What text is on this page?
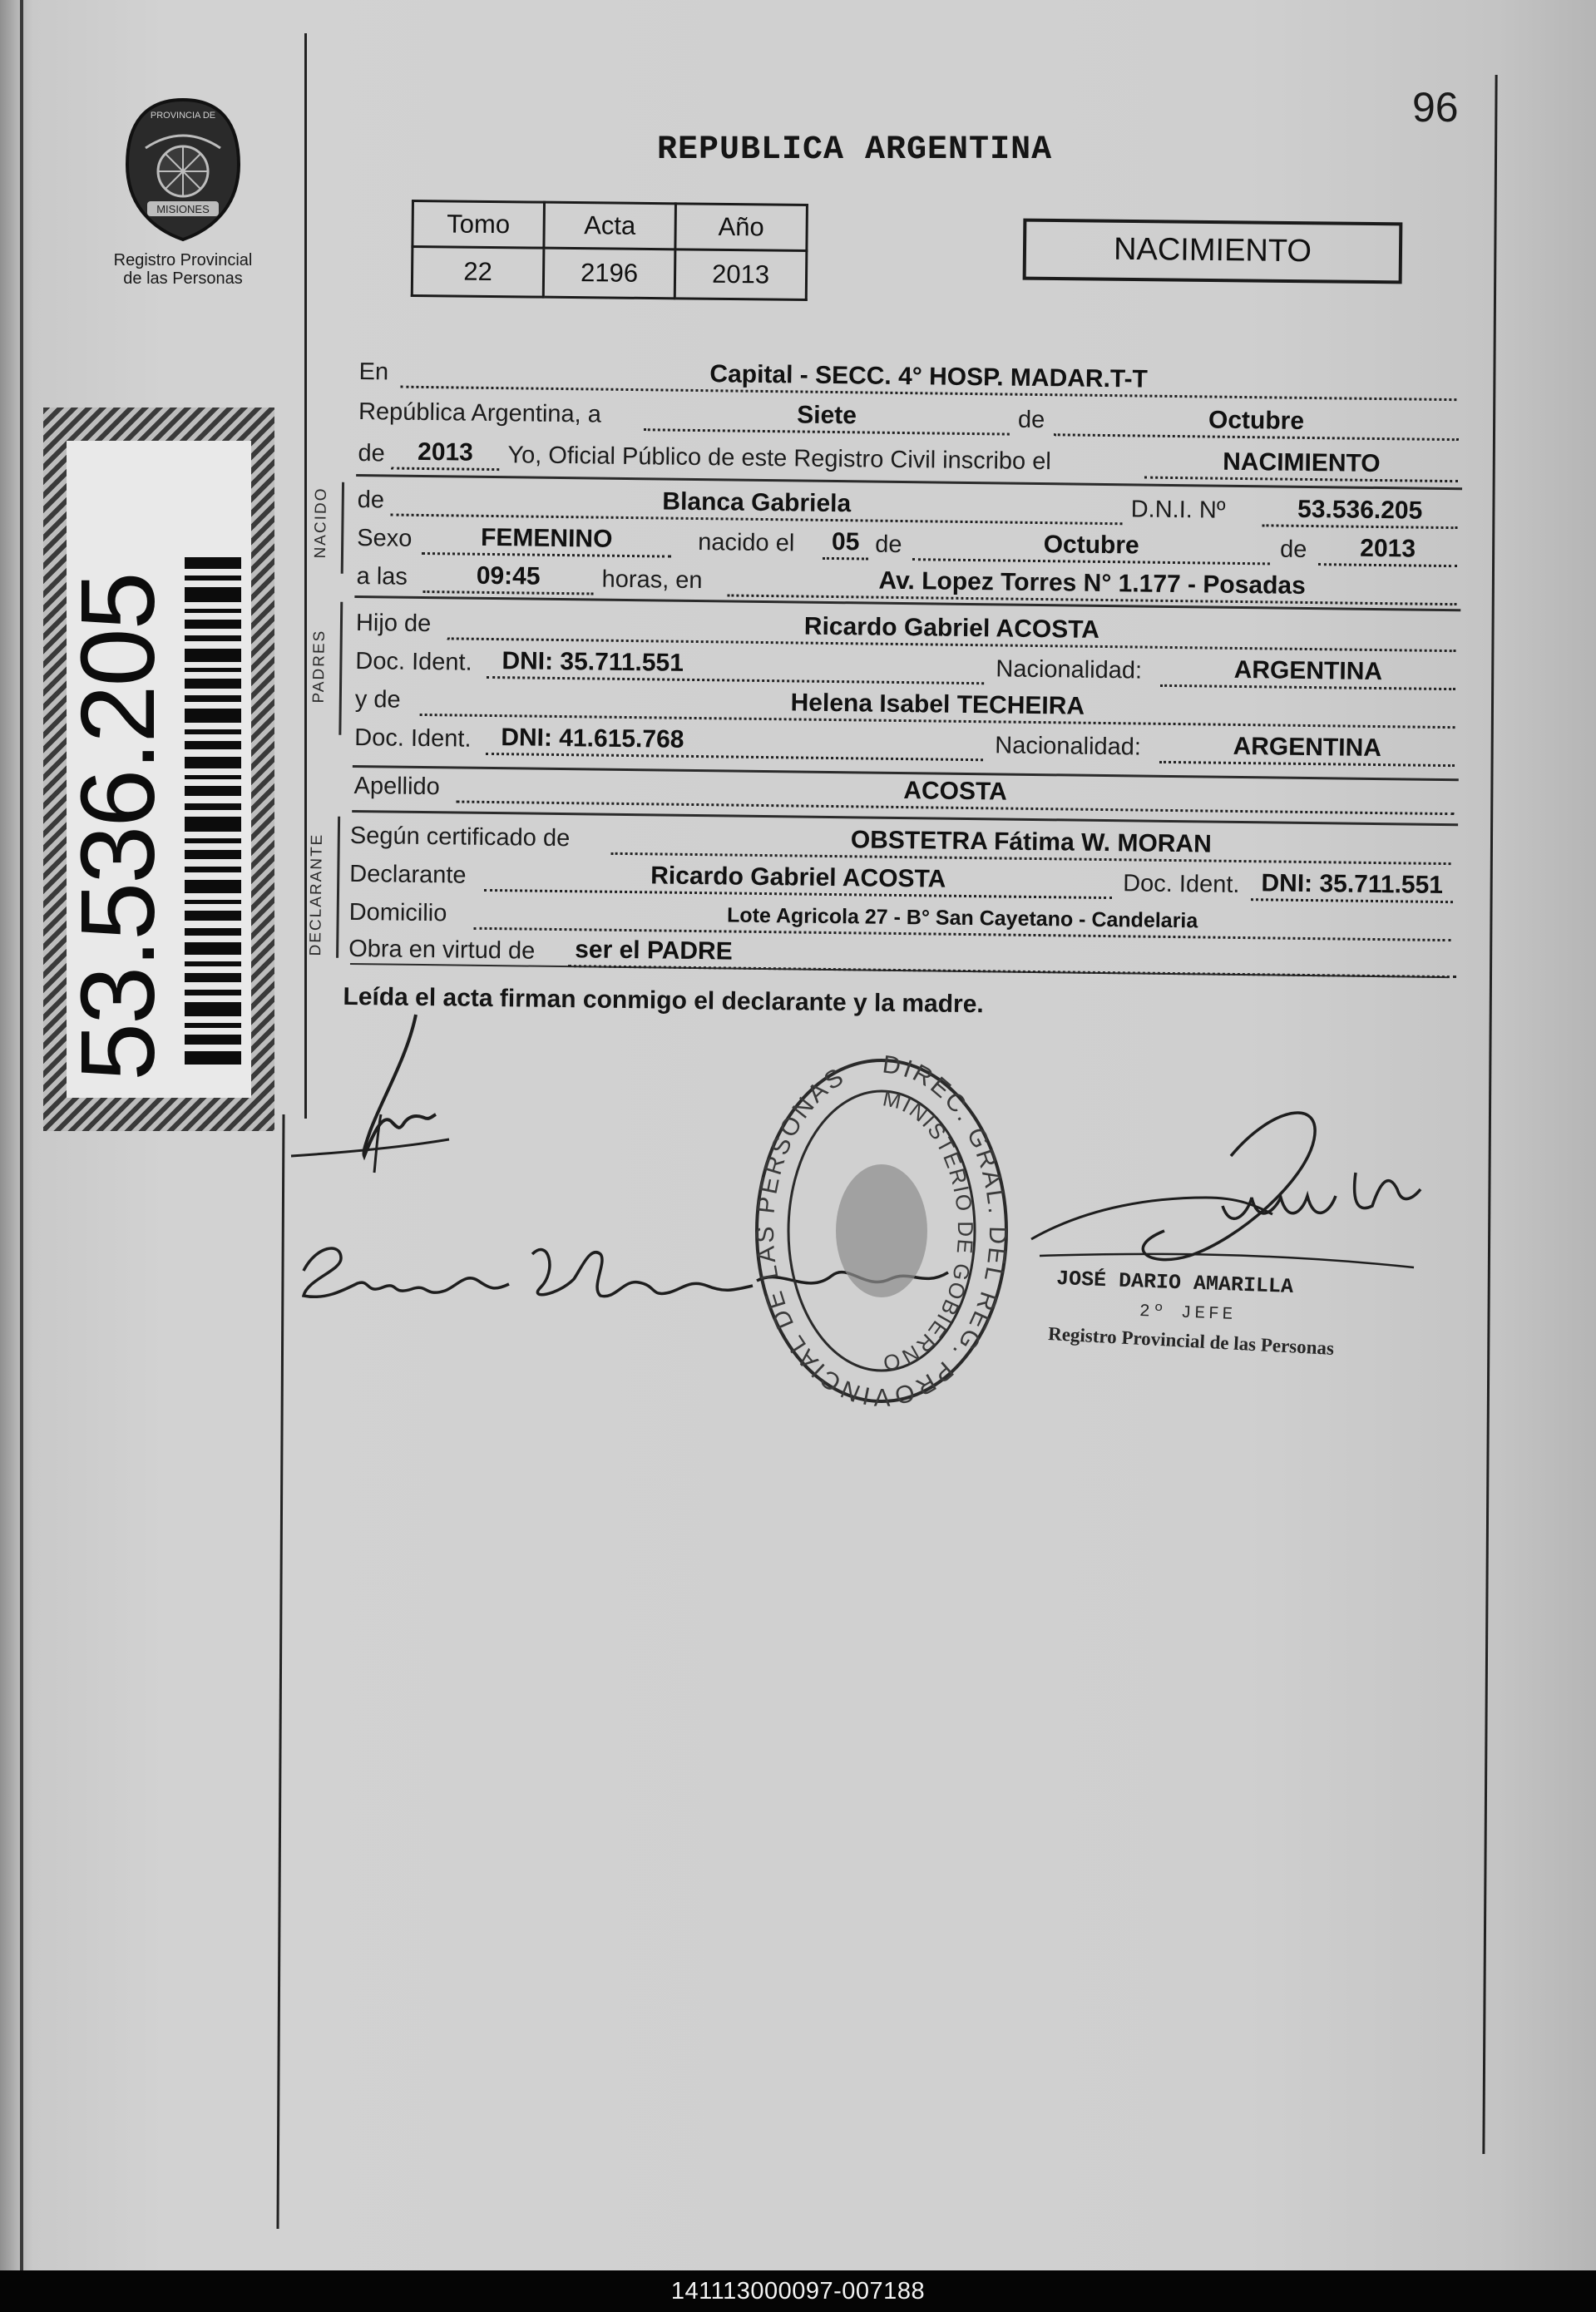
96
MISIONES
PROVINCIA DE
Registro Provincial
de las Personas
REPUBLICA ARGENTINA
Tomo	Acta	Año
22	2196	2013
NACIMIENTO
53.536.205
NACIDO
PADRES
DECLARANTE
En	Capital - SECC. 4° HOSP. MADAR.T-T
República Argentina, a	Siete	de	Octubre
de	2013	Yo, Oficial Público de este Registro Civil inscribo el	NACIMIENTO
de	Blanca Gabriela	D.N.I. Nº	53.536.205
Sexo	FEMENINO	nacido el	05 de	Octubre	de	2013
a las	09:45	horas, en	Av. Lopez Torres N° 1.177 - Posadas
Hijo de	Ricardo Gabriel ACOSTA
Doc. Ident.	DNI: 35.711.551	Nacionalidad:	ARGENTINA
y de	Helena Isabel TECHEIRA
Doc. Ident.	DNI: 41.615.768	Nacionalidad:	ARGENTINA
Apellido	ACOSTA
Según certificado de	OBSTETRA Fátima W. MORAN
Declarante	Ricardo Gabriel ACOSTA	Doc. Ident. DNI: 35.711.551
Domicilio	Lote Agricola 27 - B° San Cayetano - Candelaria
Obra en virtud de ser el PADRE
Leída el acta firman conmigo el declarante y la madre.
DIREC. GRAL. DEL REG. PROVINCIAL DE LAS PERSONAS
MINISTERIO DE GOBIERNO
JOSÉ DARIO AMARILLA
2º JEFE
Registro Provincial de las Personas
141113000097-007188
